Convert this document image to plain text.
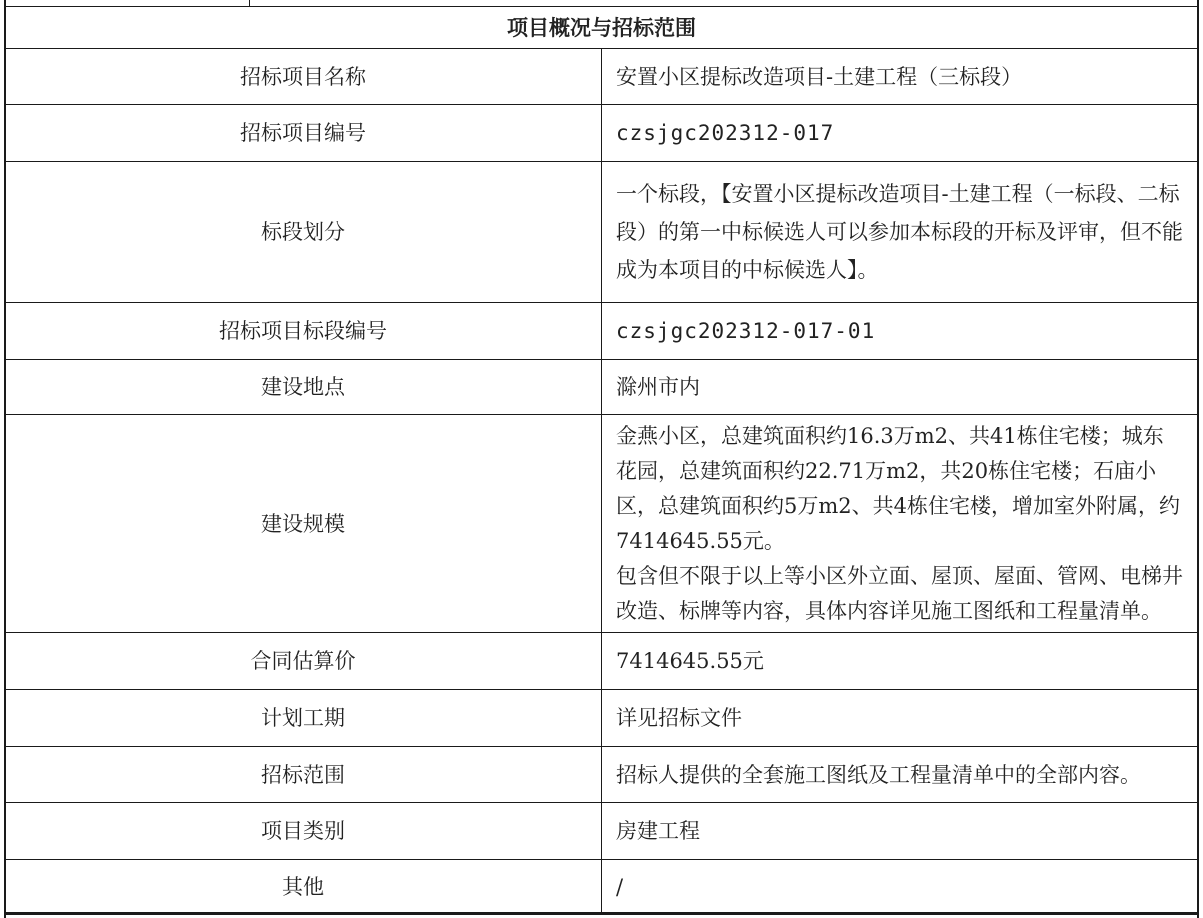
项目概况与招标范围	
招标项目名称	安置小区提标改造项目-土建工程（三标段）
招标项目编号	czsjgc202312-017
标段划分	一个标段，【安置小区提标改造项目-土建工程（一标段、二标段）的第一中标候选人可以参加本标段的开标及评审，但不能成为本项目的中标候选人】。
招标项目标段编号	czsjgc202312-017-01
建设地点	滁州市内
建设规模	金燕小区，总建筑面积约16.3万m2、共41栋住宅楼；城东花园，总建筑面积约22.71万m2，共20栋住宅楼；石庙小区，总建筑面积约5万m2、共4栋住宅楼，增加室外附属，约7414645.55元。
包含但不限于以上等小区外立面、屋顶、屋面、管网、电梯井改造、标牌等内容，具体内容详见施工图纸和工程量清单。

合同估算价	7414645.55元
计划工期	详见招标文件
招标范围	招标人提供的全套施工图纸及工程量清单中的全部内容。
项目类别	房建工程
其他	/
